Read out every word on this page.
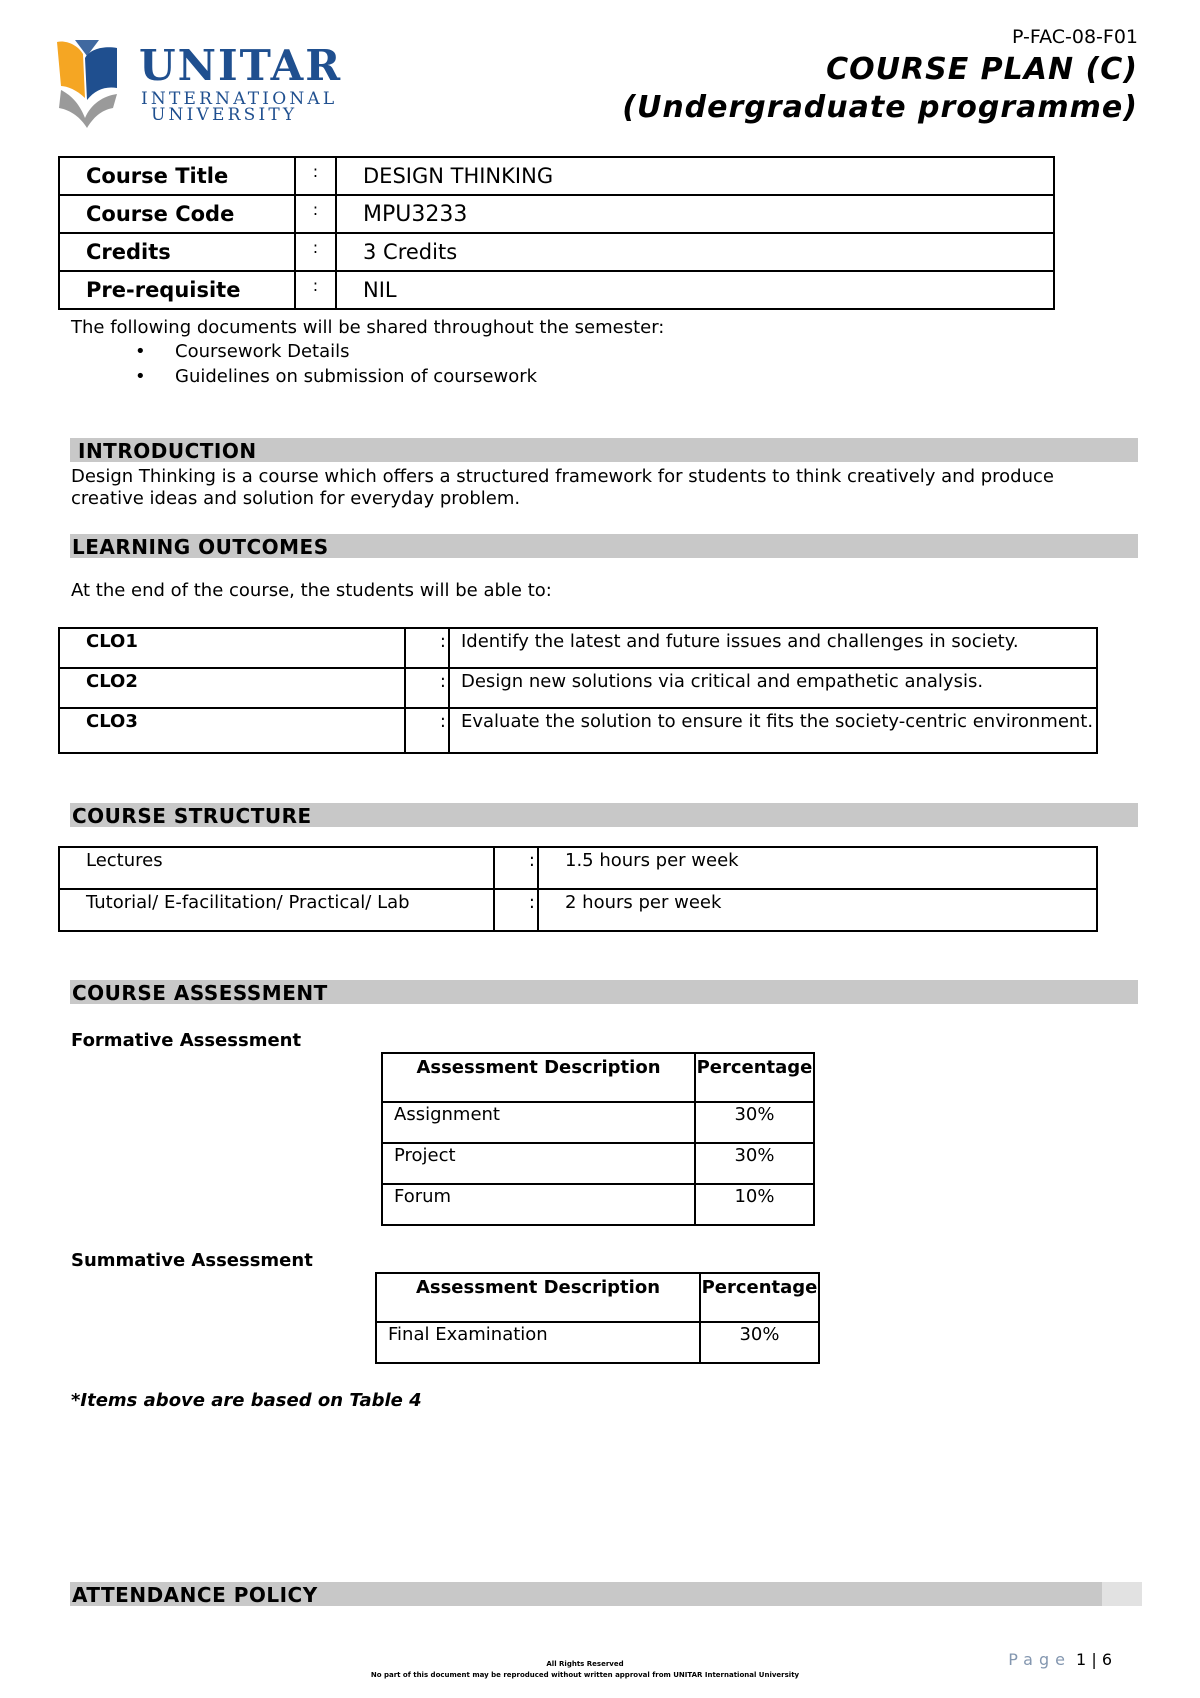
UNITAR
INTERNATIONAL
UNIVERSITY
P-FAC-08-F01
COURSE PLAN (C)
(Undergraduate programme)
Course Title	:	DESIGN THINKING
Course Code	:	MPU3233
Credits	:	3 Credits
Pre-requisite	:	NIL
The following documents will be shared throughout the semester:
• Coursework Details
• Guidelines on submission of coursework
INTRODUCTION
Design Thinking is a course which offers a structured framework for students to think creatively and produce creative ideas and solution for everyday problem.
LEARNING OUTCOMES
At the end of the course, the students will be able to:
CLO1	:	Identify the latest and future issues and challenges in society.
CLO2	:	Design new solutions via critical and empathetic analysis.
CLO3	:	Evaluate the solution to ensure it fits the society-centric environment.
COURSE STRUCTURE
Lectures	:	1.5 hours per week
Tutorial/ E-facilitation/ Practical/ Lab	:	2 hours per week
COURSE ASSESSMENT
Formative Assessment
Assessment Description	Percentage
Assignment	30%
Project	30%
Forum	10%
Summative Assessment
Assessment Description	Percentage
Final Examination	30%
*Items above are based on Table 4
ATTENDANCE POLICY
All Rights Reserved
No part of this document may be reproduced without written approval from UNITAR International University
Page 1 | 6
